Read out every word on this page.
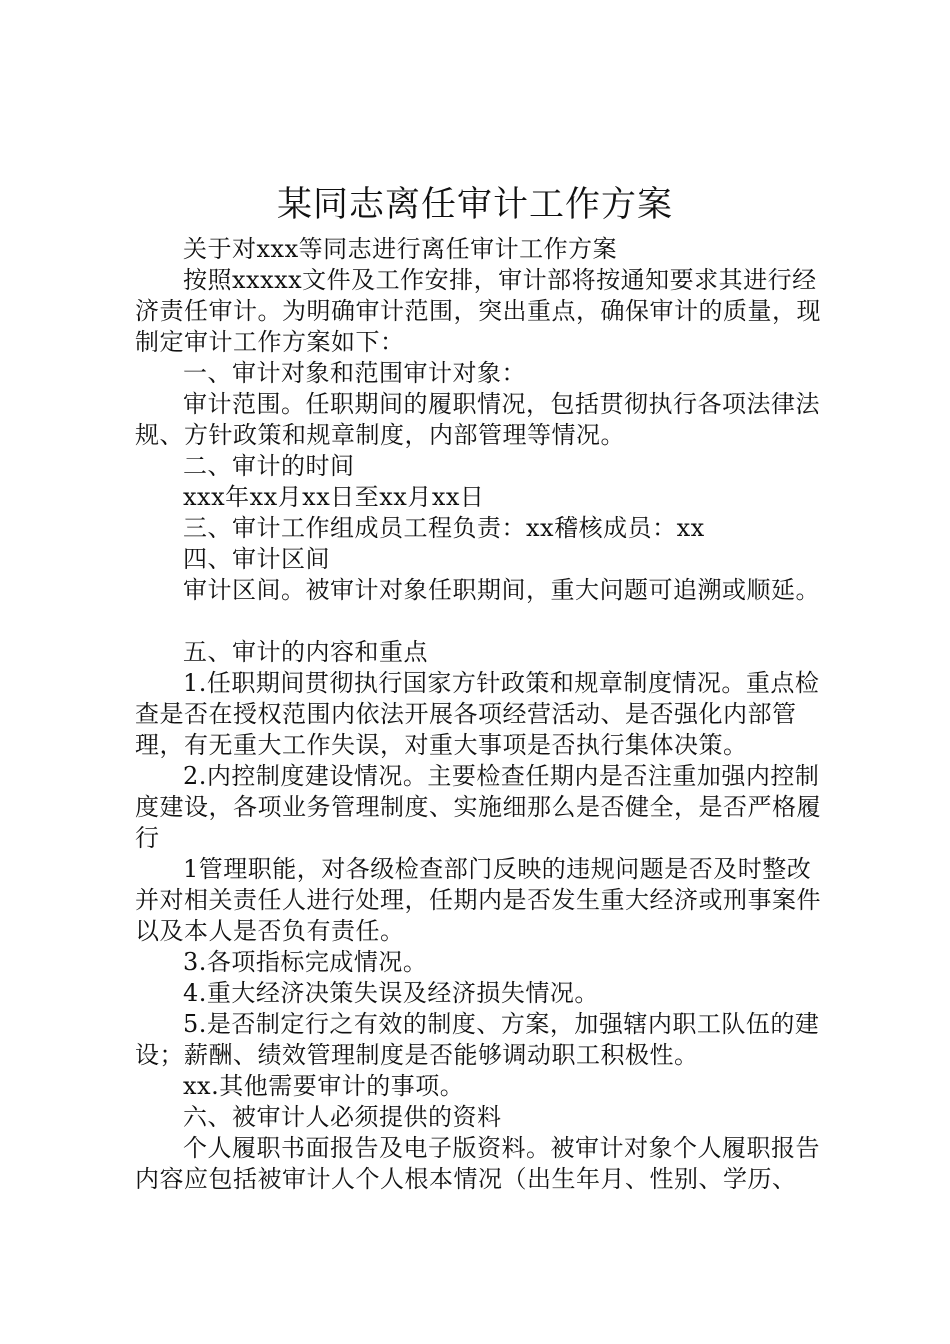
某同志离任审计工作方案

关于对xxx等同志进行离任审计工作方案

按照xxxxx文件及工作安排，审计部将按通知要求其进行经济责任审计。为明确审计范围，突出重点，确保审计的质量，现制定审计工作方案如下：

一、审计对象和范围审计对象：

审计范围。任职期间的履职情况，包括贯彻执行各项法律法规、方针政策和规章制度，内部管理等情况。

二、审计的时间

xxx年xx月xx日至xx月xx日

三、审计工作组成员工程负责：xx稽核成员：xx

四、审计区间

审计区间。被审计对象任职期间，重大问题可追溯或顺延。

五、审计的内容和重点

1.任职期间贯彻执行国家方针政策和规章制度情况。重点检查是否在授权范围内依法开展各项经营活动、是否强化内部管理，有无重大工作失误，对重大事项是否执行集体决策。

2.内控制度建设情况。主要检查任期内是否注重加强内控制度建设，各项业务管理制度、实施细那么是否健全，是否严格履行

1管理职能，对各级检查部门反映的违规问题是否及时整改并对相关责任人进行处理，任期内是否发生重大经济或刑事案件以及本人是否负有责任。

3.各项指标完成情况。

4.重大经济决策失误及经济损失情况。

5.是否制定行之有效的制度、方案，加强辖内职工队伍的建设；薪酬、绩效管理制度是否能够调动职工积极性。

xx.其他需要审计的事项。

六、被审计人必须提供的资料

个人履职书面报告及电子版资料。被审计对象个人履职报告内容应包括被审计人个人根本情况（出生年月、性别、学历、
